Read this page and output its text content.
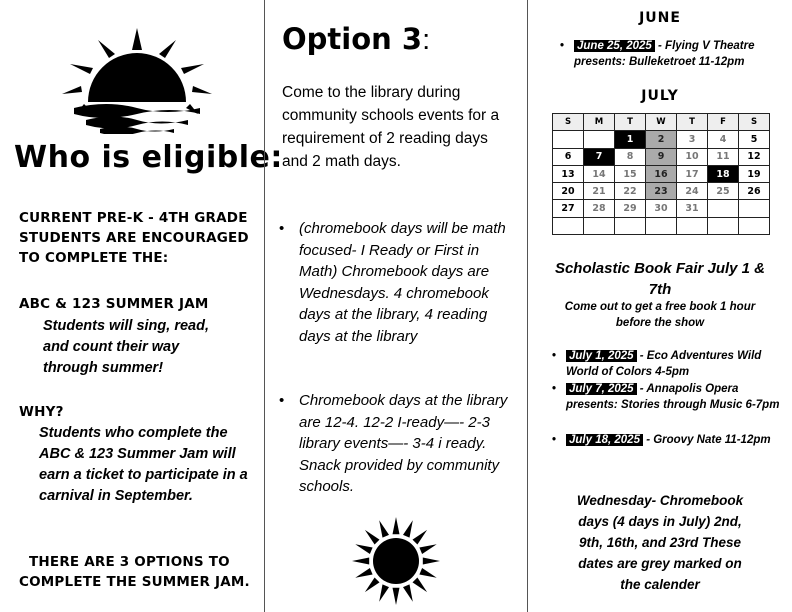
Who is eligible:
CURRENT PRE-K - 4TH GRADE STUDENTS ARE ENCOURAGED TO COMPLETE THE:
ABC & 123 SUMMER JAM
Students will sing, read, and count their way through summer!
WHY?
Students who complete the ABC & 123 Summer Jam will earn a ticket to participate in a carnival in September.
THERE ARE 3 OPTIONS TO COMPLETE THE SUMMER JAM.
Option 3:
Come to the library during community schools events for a requirement of 2 reading days and 2 math days.
• (chromebook days will be math focused- I Ready or First in Math) Chromebook days are Wednesdays. 4 chromebook days at the library, 4 reading days at the library
• Chromebook days at the library are 12-4. 12-2 I-ready—- 2-3 library events—- 3-4 i ready. Snack provided by community schools.
JUNE
• June 25, 2025 - Flying V Theatre presents: Bulleketroet 11-12pm
JULY
S	M	T	W	T	F	S
		1	2	3	4	5
6	7	8	9	10	11	12
13	14	15	16	17	18	19
20	21	22	23	24	25	26
27	28	29	30	31		

Scholastic Book Fair July 1 & 7th
Come out to get a free book 1 hour before the show
• July 1, 2025 - Eco Adventures Wild World of Colors 4-5pm
• July 7, 2025 - Annapolis Opera presents: Stories through Music 6-7pm
• July 18, 2025 - Groovy Nate 11-12pm
Wednesday- Chromebook days (4 days in July) 2nd, 9th, 16th, and 23rd These dates are grey marked on the calender
